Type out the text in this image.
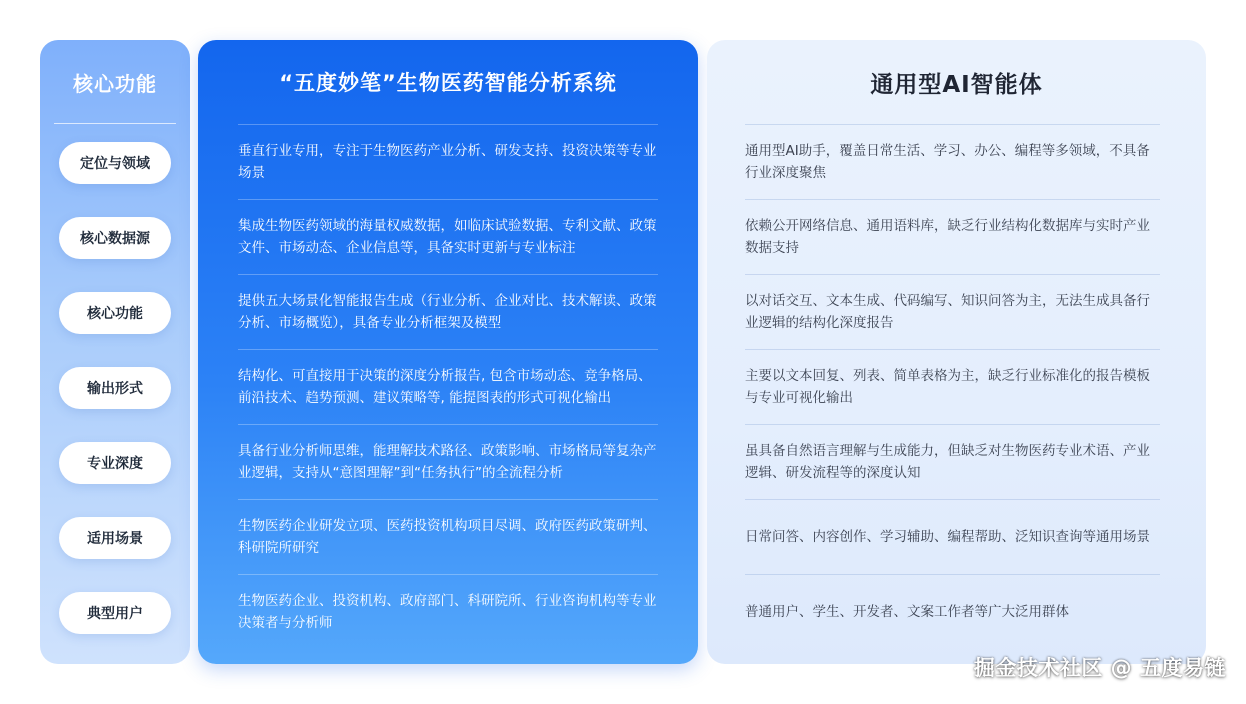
核心功能
定位与领域
核心数据源
核心功能
输出形式
专业深度
适用场景
典型用户
“五度妙笔”生物医药智能分析系统
垂直行业专用，专注于生物医药产业分析、研发支持、投资决策等专业场景
集成生物医药领域的海量权威数据，如临床试验数据、专利文献、政策文件、市场动态、企业信息等，具备实时更新与专业标注
提供五大场景化智能报告生成（行业分析、企业对比、技术解读、政策分析、市场概览），具备专业分析框架及模型
结构化、可直接用于决策的深度分析报告, 包含市场动态、竞争格局、前沿技术、趋势预测、建议策略等, 能提图表的形式可视化输出
具备行业分析师思维，能理解技术路径、政策影响、市场格局等复杂产业逻辑，支持从“意图理解”到“任务执行”的全流程分析
生物医药企业研发立项、医药投资机构项目尽调、政府医药政策研判、科研院所研究
生物医药企业、投资机构、政府部门、科研院所、行业咨询机构等专业决策者与分析师
通用型AI智能体
通用型AI助手，覆盖日常生活、学习、办公、编程等多领域，不具备行业深度聚焦
依赖公开网络信息、通用语料库，缺乏行业结构化数据库与实时产业数据支持
以对话交互、文本生成、代码编写、知识问答为主，无法生成具备行业逻辑的结构化深度报告
主要以文本回复、列表、简单表格为主，缺乏行业标准化的报告模板与专业可视化输出
虽具备自然语言理解与生成能力，但缺乏对生物医药专业术语、产业逻辑、研发流程等的深度认知
日常问答、内容创作、学习辅助、编程帮助、泛知识查询等通用场景
普通用户、学生、开发者、文案工作者等广大泛用群体
掘金技术社区 @ 五度易链
